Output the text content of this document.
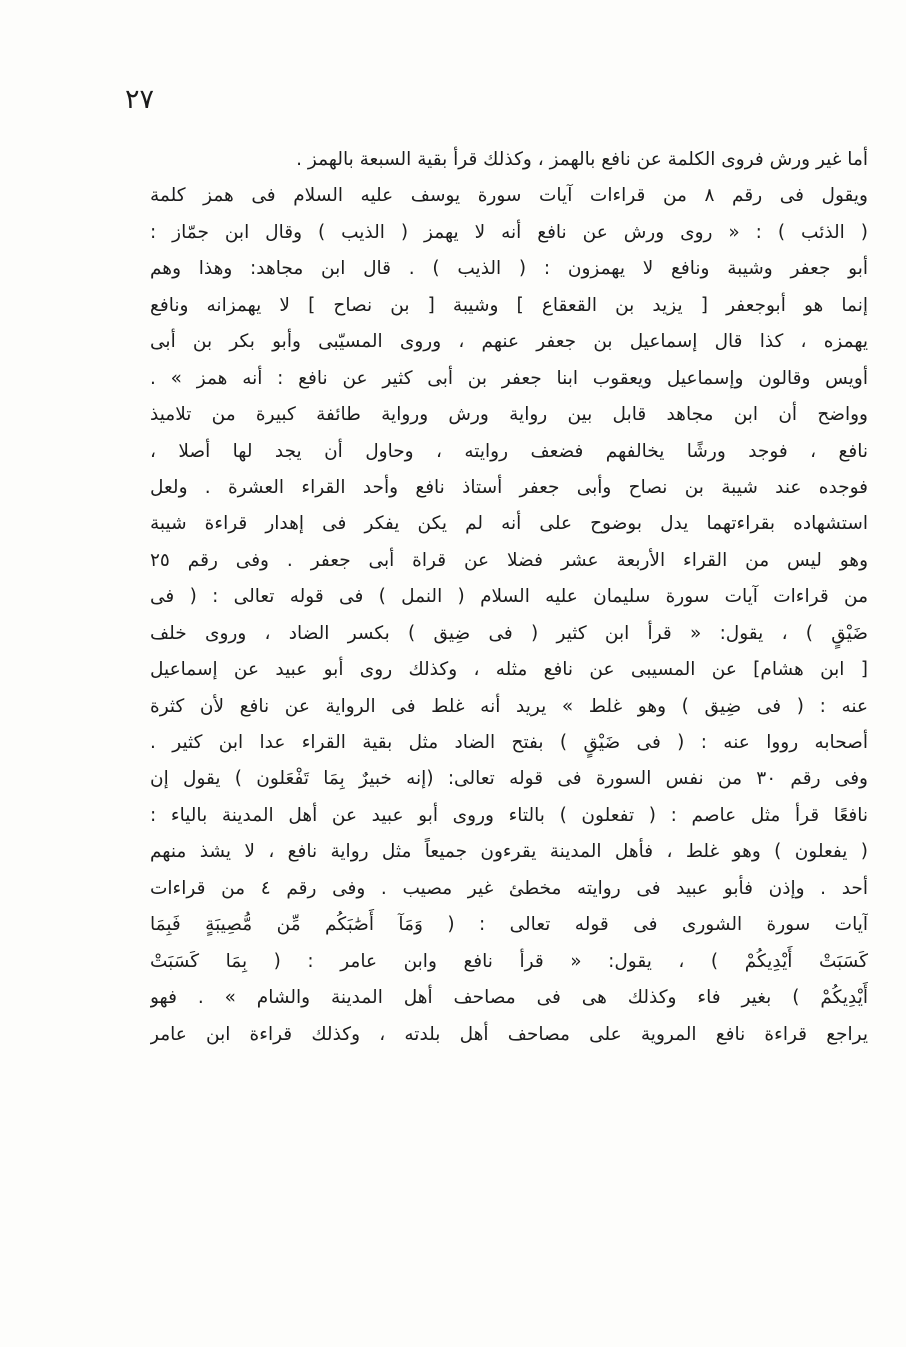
٢٧
أما غير ورش فروى الكلمة عن نافع بالهمز ، وكذلك قرأ بقية السبعة بالهمز .
ويقول فى رقم ٨ من قراءات آيات سورة يوسف عليه السلام فى همز كلمة
( الذئب ) : « روى ورش عن نافع أنه لا يهمز ( الذيب ) وقال ابن جمّاز :
أبو جعفر وشيبة ونافع لا يهمزون : ( الذيب ) . قال ابن مجاهد: وهذا وهم
إنما هو أبوجعفر [ يزيد بن القعقاع ] وشيبة [ بن نصاح ] لا يهمزانه ونافع
يهمزه ، كذا قال إسماعيل بن جعفر عنهم ، وروى المسيّبى وأبو بكر بن أبى
أويس وقالون وإسماعيل ويعقوب ابنا جعفر بن أبى كثير عن نافع : أنه همز » .
وواضح أن ابن مجاهد قابل بين رواية ورش ورواية طائفة كبيرة من تلاميذ
نافع ، فوجد ورشًا يخالفهم فضعف روايته ، وحاول أن يجد لها أصلا ،
فوجده عند شيبة بن نصاح وأبى جعفر أستاذ نافع وأحد القراء العشرة . ولعل
استشهاده بقراءتهما يدل بوضوح على أنه لم يكن يفكر فى إهدار قراءة شيبة
وهو ليس من القراء الأربعة عشر فضلا عن قراة أبى جعفر . وفى رقم ٢٥
من قراءات آيات سورة سليمان عليه السلام ( النمل ) فى قوله تعالى : ( فى
ضَيْقٍ ) ، يقول: « قرأ ابن كثير ( فى ضِيق ) بكسر الضاد ، وروى خلف
[ ابن هشام] عن المسيبى عن نافع مثله ، وكذلك روى أبو عبيد عن إسماعيل
عنه : ( فى ضِيق ) وهو غلط » يريد أنه غلط فى الرواية عن نافع لأن كثرة
أصحابه رووا عنه : ( فى ضَيْقٍ ) بفتح الضاد مثل بقية القراء عدا ابن كثير .
وفى رقم ٣٠ من نفس السورة فى قوله تعالى: (إنه خبيرٌ بِمَا تَفْعَلون ) يقول إن
نافعًا قرأ مثل عاصم : ( تفعلون ) بالتاء وروى أبو عبيد عن أهل المدينة بالياء :
( يفعلون ) وهو غلط ، فأهل المدينة يقرءون جميعاً مثل رواية نافع ، لا يشذ منهم
أحد . وإذن فأبو عبيد فى روايته مخطئ غير مصيب . وفى رقم ٤ من قراءات
آيات سورة الشورى فى قوله تعالى : ( وَمَآ أَصَٰبَكُم مِّن مُّصِيبَةٍ فَبِمَا
كَسَبَتْ أَيْدِيكُمْ ) ، يقول: « قرأ نافع وابن عامر : ( بِمَا كَسَبَتْ
أَيْدِيكُمْ ) بغير فاء وكذلك هى فى مصاحف أهل المدينة والشام » . فهو
يراجع قراءة نافع المروية على مصاحف أهل بلدته ، وكذلك قراءة ابن عامر
